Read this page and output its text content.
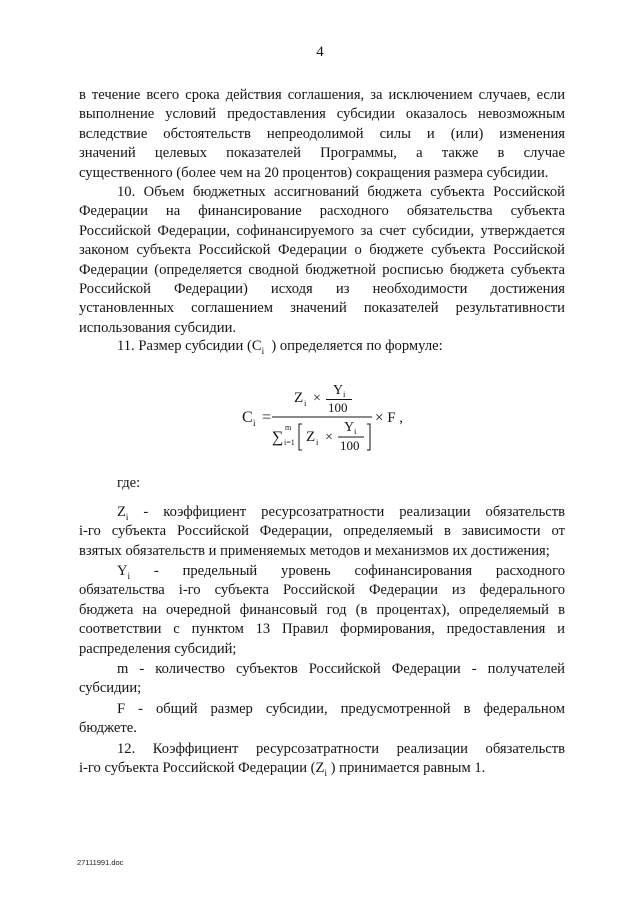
4
в течение всего срока действия соглашения, за исключением случаев, если
выполнение условий предоставления субсидии оказалось невозможным
вследствие обстоятельств непреодолимой силы и (или) изменения
значений целевых показателей Программы, а также в случае
существенного (более чем на 20 процентов) сокращения размера субсидии.
10. Объем бюджетных ассигнований бюджета субъекта Российской
Федерации на финансирование расходного обязательства субъекта
Российской Федерации, софинансируемого за счет субсидии, утверждается
законом субъекта Российской Федерации о бюджете субъекта Российской
Федерации (определяется сводной бюджетной росписью бюджета субъекта
Российской Федерации) исходя из необходимости достижения
установленных соглашением значений показателей результативности
использования субсидии.
11. Размер субсидии ($C_i$ ) определяется по формуле:
C i =
Z i ×
Y i
100
∑
m
i=1 Z i ×
Y i
100
× F ,
где:
$Z_i$ - коэффициент ресурсозатратности реализации обязательств
i-го субъекта Российской Федерации, определяемый в зависимости от
взятых обязательств и применяемых методов и механизмов их достижения;
$Y_i$ - предельный уровень софинансирования расходного
обязательства i-го субъекта Российской Федерации из федерального
бюджета на очередной финансовый год (в процентах), определяемый в
соответствии с пунктом 13 Правил формирования, предоставления и
распределения субсидий;
m - количество субъектов Российской Федерации - получателей
субсидии;
F - общий размер субсидии, предусмотренной в федеральном
бюджете.
12. Коэффициент ресурсозатратности реализации обязательств
i-го субъекта Российской Федерации ($Z_i$ ) принимается равным 1.
27111991.doc
